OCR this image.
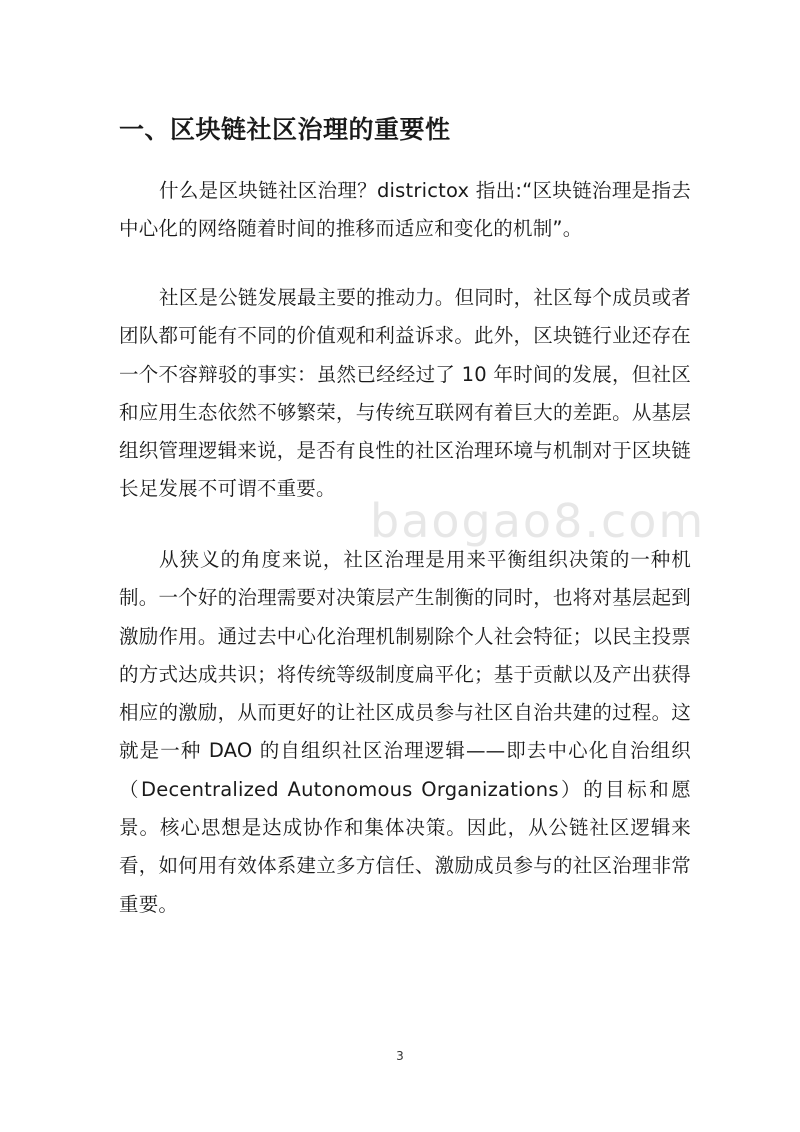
一、区块链社区治理的重要性

什么是区块链社区治理？districtox 指出:“区块链治理是指去中心化的网络随着时间的推移而适应和变化的机制”。

社区是公链发展最主要的推动力。但同时，社区每个成员或者团队都可能有不同的价值观和利益诉求。此外，区块链行业还存在一个不容辩驳的事实：虽然已经经过了 10 年时间的发展，但社区和应用生态依然不够繁荣，与传统互联网有着巨大的差距。从基层组织管理逻辑来说，是否有良性的社区治理环境与机制对于区块链长足发展不可谓不重要。

从狭义的角度来说，社区治理是用来平衡组织决策的一种机制。一个好的治理需要对决策层产生制衡的同时，也将对基层起到激励作用。通过去中心化治理机制剔除个人社会特征；以民主投票的方式达成共识；将传统等级制度扁平化；基于贡献以及产出获得相应的激励，从而更好的让社区成员参与社区自治共建的过程。这就是一种 DAO 的自组织社区治理逻辑——即去中心化自治组织（Decentralized Autonomous Organizations）的目标和愿景。核心思想是达成协作和集体决策。因此，从公链社区逻辑来看，如何用有效体系建立多方信任、激励成员参与的社区治理非常重要。

baogao8.com
3
